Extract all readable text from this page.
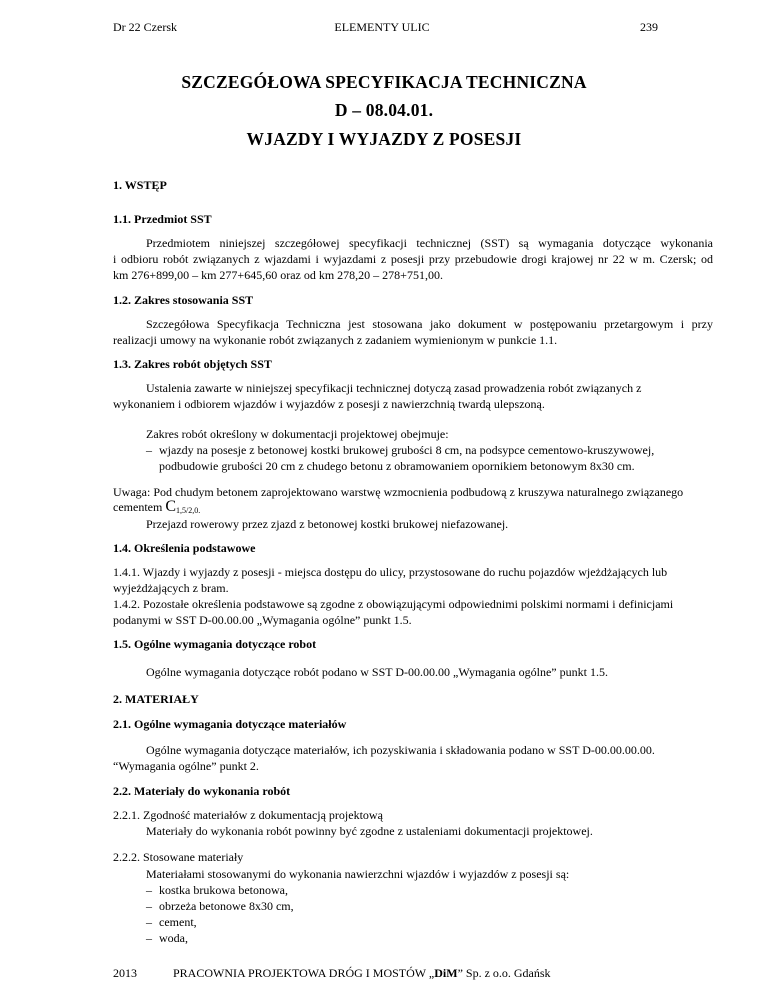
Dr 22 Czersk	ELEMENTY ULIC	239
SZCZEGÓŁOWA SPECYFIKACJA TECHNICZNA
D – 08.04.01.
WJAZDY I WYJAZDY Z POSESJI
1. WSTĘP
1.1. Przedmiot SST
Przedmiotem niniejszej szczegółowej specyfikacji technicznej (SST) są wymagania dotyczące wykonania
i odbioru robót związanych z wjazdami i wyjazdami z posesji przy przebudowie drogi krajowej nr 22 w m. Czersk; od
km 276+899,00 – km 277+645,60 oraz od km 278,20 – 278+751,00.
1.2. Zakres stosowania SST
Szczegółowa Specyfikacja Techniczna jest stosowana jako dokument w postępowaniu przetargowym i przy
realizacji umowy na wykonanie robót związanych z zadaniem wymienionym w punkcie 1.1.
1.3. Zakres robót objętych SST
Ustalenia zawarte w niniejszej specyfikacji technicznej dotyczą zasad prowadzenia robót związanych z
wykonaniem i odbiorem wjazdów i wyjazdów z posesji z nawierzchnią twardą ulepszoną.
Zakres robót określony w dokumentacji projektowej obejmuje:
– wjazdy na posesje z betonowej kostki brukowej grubości 8 cm, na podsypce cementowo-kruszywowej,
podbudowie grubości 20 cm z chudego betonu z obramowaniem opornikiem betonowym 8x30 cm.
Uwaga: Pod chudym betonem zaprojektowano warstwę wzmocnienia podbudową z kruszywa naturalnego związanego
cementem $C_{1,5/2,0.}$
Przejazd rowerowy przez zjazd z betonowej kostki brukowej niefazowanej.
1.4. Określenia podstawowe
1.4.1. Wjazdy i wyjazdy z posesji - miejsca dostępu do ulicy, przystosowane do ruchu pojazdów wjeżdżających lub
wyjeżdżających z bram.
1.4.2. Pozostałe określenia podstawowe są zgodne z obowiązującymi odpowiednimi polskimi normami i definicjami
podanymi w SST D-00.00.00 „Wymagania ogólne” punkt 1.5.
1.5. Ogólne wymagania dotyczące robot
Ogólne wymagania dotyczące robót podano w SST D-00.00.00 „Wymagania ogólne” punkt 1.5.
2. MATERIAŁY
2.1. Ogólne wymagania dotyczące materiałów
Ogólne wymagania dotyczące materiałów, ich pozyskiwania i składowania podano w SST D-00.00.00.00.
“Wymagania ogólne” punkt 2.
2.2. Materiały do wykonania robót
2.2.1. Zgodność materiałów z dokumentacją projektową
Materiały do wykonania robót powinny być zgodne z ustaleniami dokumentacji projektowej.
2.2.2. Stosowane materiały
Materiałami stosowanymi do wykonania nawierzchni wjazdów i wyjazdów z posesji są:
– kostka brukowa betonowa,
– obrzeża betonowe 8x30 cm,
– cement,
– woda,
2013	PRACOWNIA PROJEKTOWA DRÓG I MOSTÓW „DiM” Sp. z o.o. Gdańsk
